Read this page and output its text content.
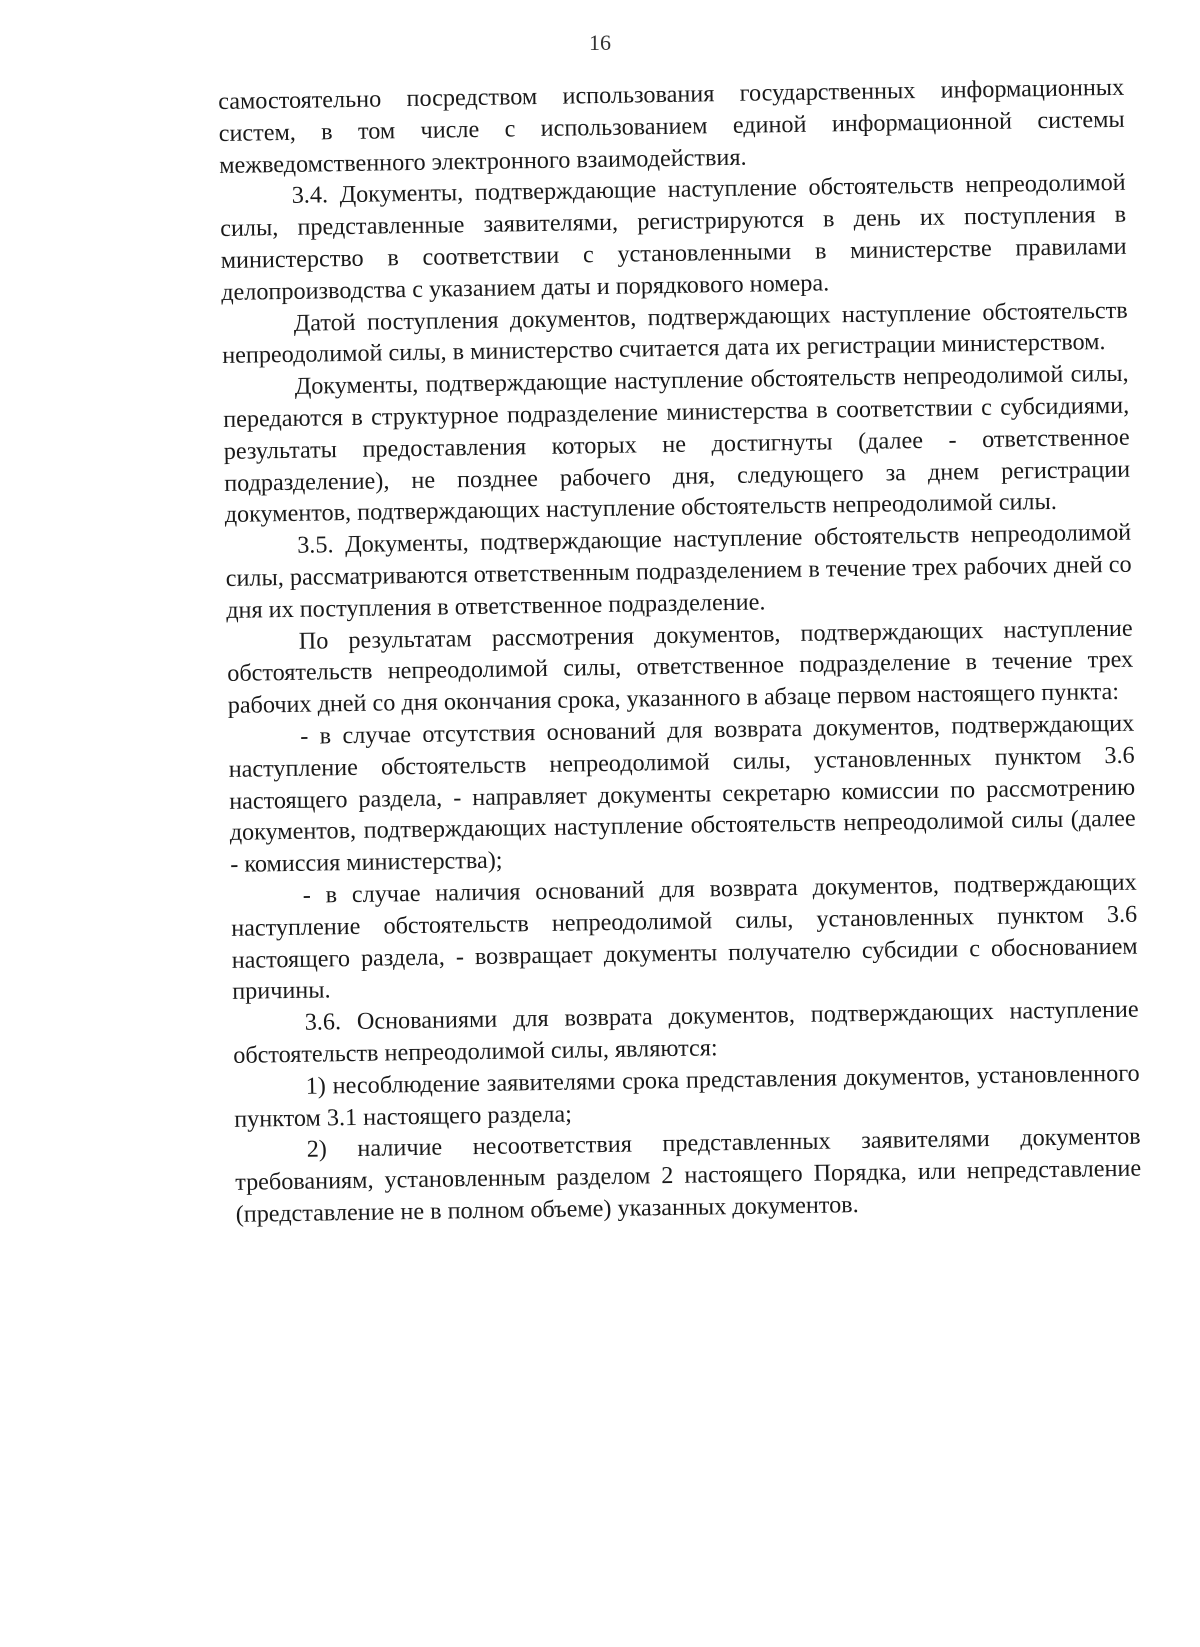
16

самостоятельно посредством использования государственных информационных систем, в том числе с использованием единой информационной системы межведомственного электронного взаимодействия.

3.4. Документы, подтверждающие наступление обстоятельств непреодолимой силы, представленные заявителями, регистрируются в день их поступления в министерство в соответствии с установленными в министерстве правилами делопроизводства с указанием даты и порядкового номера.

Датой поступления документов, подтверждающих наступление обстоятельств непреодолимой силы, в министерство считается дата их регистрации министерством.

Документы, подтверждающие наступление обстоятельств непреодолимой силы, передаются в структурное подразделение министерства в соответствии с субсидиями, результаты предоставления которых не достигнуты (далее - ответственное подразделение), не позднее рабочего дня, следующего за днем регистрации документов, подтверждающих наступление обстоятельств непреодолимой силы.

3.5. Документы, подтверждающие наступление обстоятельств непреодолимой силы, рассматриваются ответственным подразделением в течение трех рабочих дней со дня их поступления в ответственное подразделение.

По результатам рассмотрения документов, подтверждающих наступление обстоятельств непреодолимой силы, ответственное подразделение в течение трех рабочих дней со дня окончания срока, указанного в абзаце первом настоящего пункта:

- в случае отсутствия оснований для возврата документов, подтверждающих наступление обстоятельств непреодолимой силы, установленных пунктом 3.6 настоящего раздела, - направляет документы секретарю комиссии по рассмотрению документов, подтверждающих наступление обстоятельств непреодолимой силы (далее - комиссия министерства);

- в случае наличия оснований для возврата документов, подтверждающих наступление обстоятельств непреодолимой силы, установленных пунктом 3.6 настоящего раздела, - возвращает документы получателю субсидии с обоснованием причины.

3.6. Основаниями для возврата документов, подтверждающих наступление обстоятельств непреодолимой силы, являются:

1) несоблюдение заявителями срока представления документов, установленного пунктом 3.1 настоящего раздела;

2) наличие несоответствия представленных заявителями документов требованиям, установленным разделом 2 настоящего Порядка, или непредставление (представление не в полном объеме) указанных документов.
